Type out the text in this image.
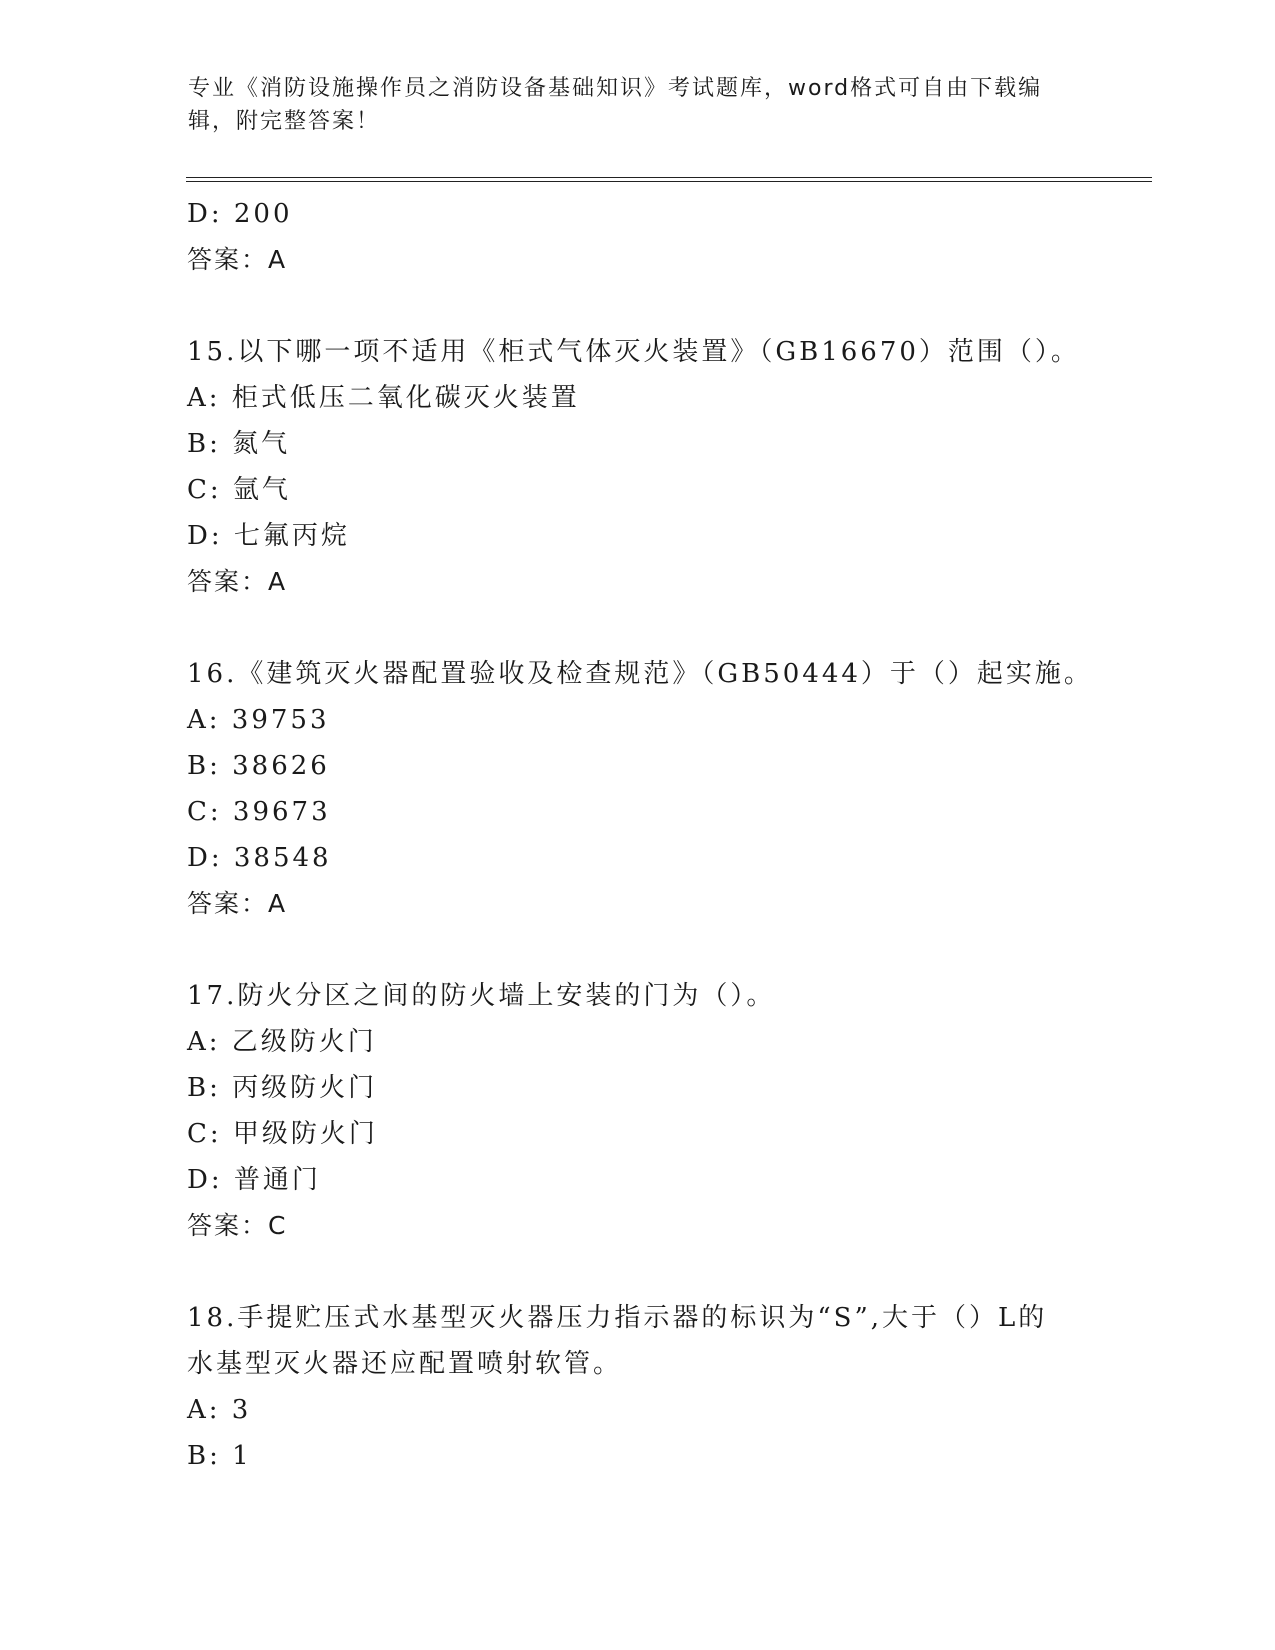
专业《消防设施操作员之消防设备基础知识》考试题库，word格式可自由下载编辑，附完整答案！
D: 200
答案：A
15.以下哪一项不适用《柜式气体灭火装置》（GB16670）范围（）。
A: 柜式低压二氧化碳灭火装置
B: 氮气
C: 氩气
D: 七氟丙烷
答案：A
16.《建筑灭火器配置验收及检查规范》（GB50444）于（）起实施。
A: 39753
B: 38626
C: 39673
D: 38548
答案：A
17.防火分区之间的防火墙上安装的门为（）。
A: 乙级防火门
B: 丙级防火门
C: 甲级防火门
D: 普通门
答案：C
18.手提贮压式水基型灭火器压力指示器的标识为“S”,大于（）L的水基型灭火器还应配置喷射软管。
A: 3
B: 1
